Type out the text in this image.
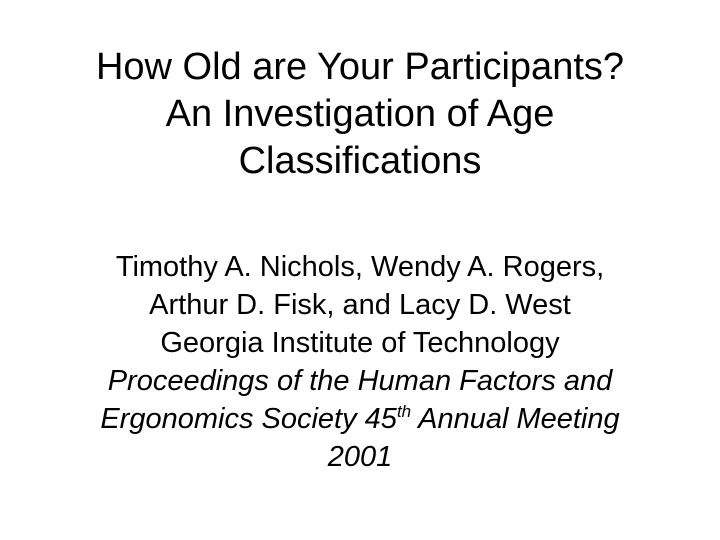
How Old are Your Participants?
An Investigation of Age
Classifications
Timothy A. Nichols, Wendy A. Rogers,
Arthur D. Fisk, and Lacy D. West
Georgia Institute of Technology
Proceedings of the Human Factors and
Ergonomics Society 45th Annual Meeting
2001
